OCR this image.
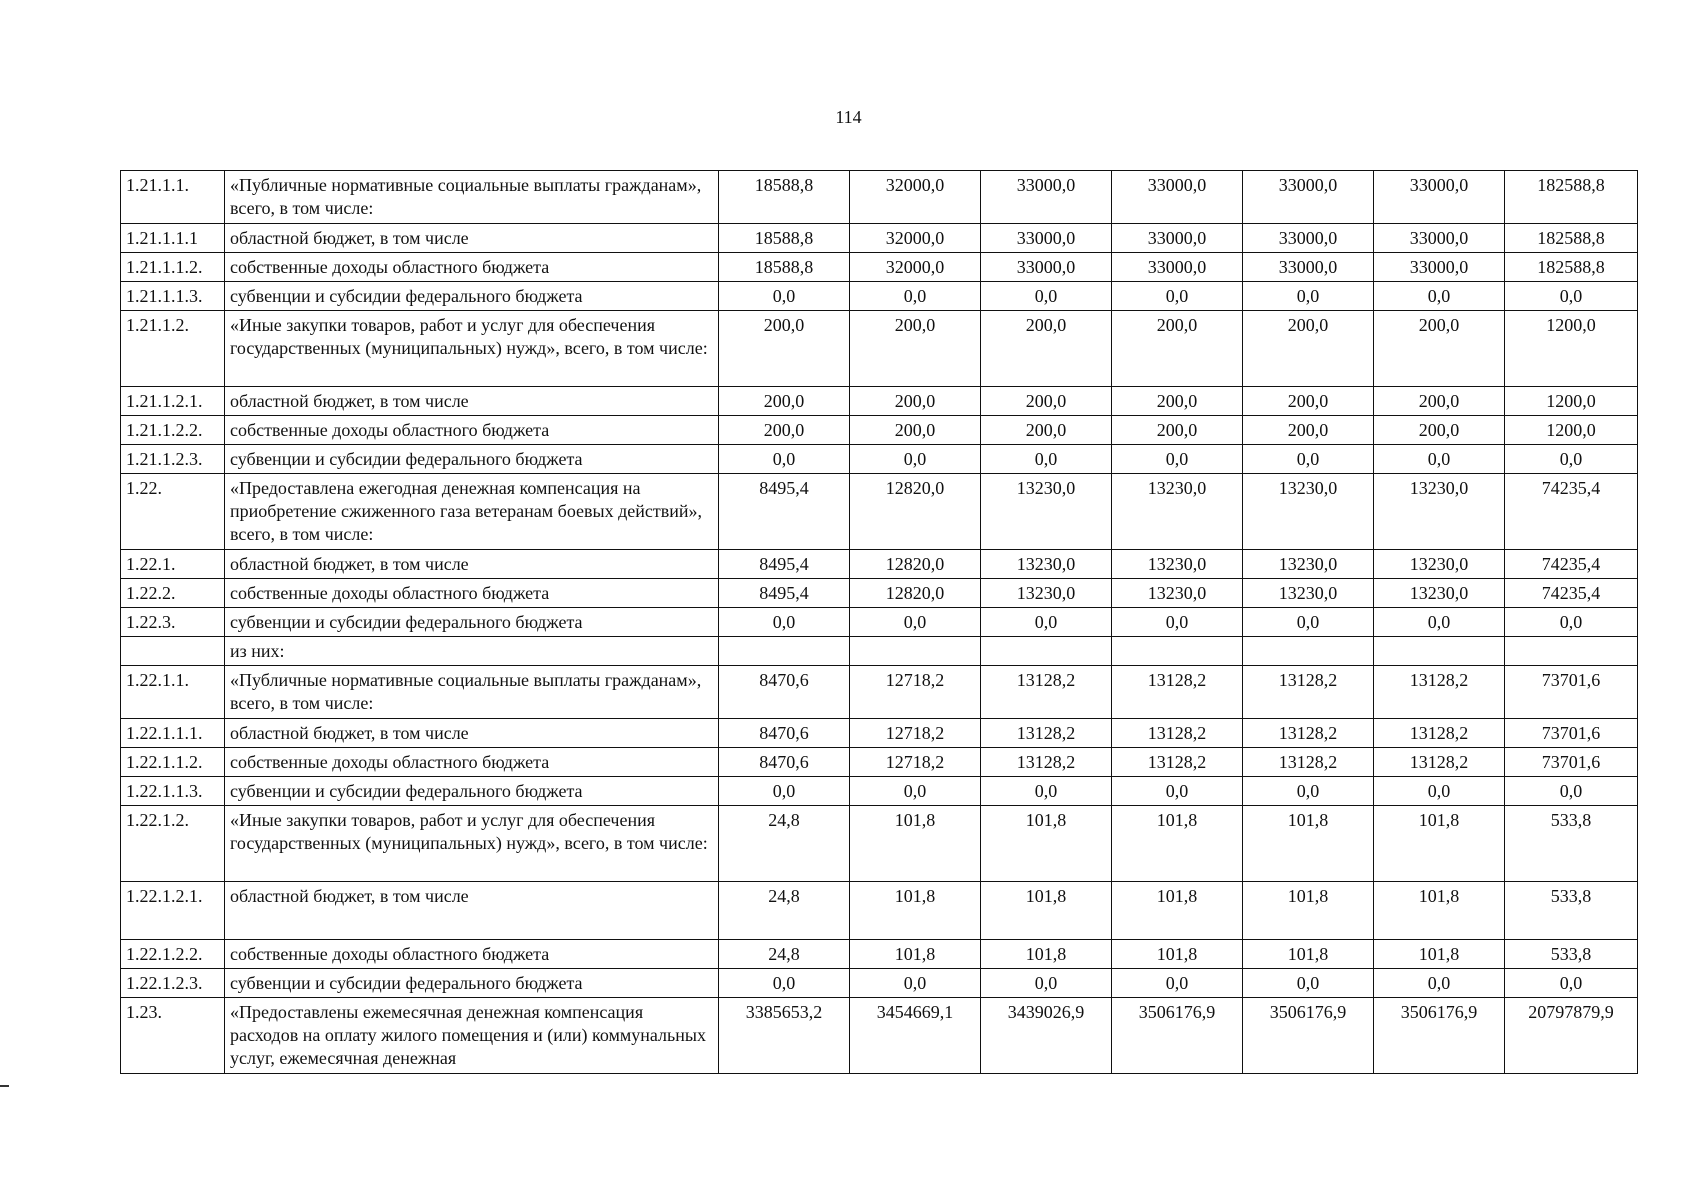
114
1.21.1.1.	«Публичные нормативные социальные выплаты гражданам», всего, в том числе:	18588,8	32000,0	33000,0	33000,0	33000,0	33000,0	182588,8
1.21.1.1.1	областной бюджет, в том числе	18588,8	32000,0	33000,0	33000,0	33000,0	33000,0	182588,8
1.21.1.1.2.	собственные доходы областного бюджета	18588,8	32000,0	33000,0	33000,0	33000,0	33000,0	182588,8
1.21.1.1.3.	субвенции и субсидии федерального бюджета	0,0	0,0	0,0	0,0	0,0	0,0	0,0
1.21.1.2.	«Иные закупки товаров, работ и услуг для обеспечения государственных (муниципальных) нужд», всего, в том числе:	200,0	200,0	200,0	200,0	200,0	200,0	1200,0
1.21.1.2.1.	областной бюджет, в том числе	200,0	200,0	200,0	200,0	200,0	200,0	1200,0
1.21.1.2.2.	собственные доходы областного бюджета	200,0	200,0	200,0	200,0	200,0	200,0	1200,0
1.21.1.2.3.	субвенции и субсидии федерального бюджета	0,0	0,0	0,0	0,0	0,0	0,0	0,0
1.22.	«Предоставлена ежегодная денежная компенсация на приобретение сжиженного газа ветеранам боевых действий», всего, в том числе:	8495,4	12820,0	13230,0	13230,0	13230,0	13230,0	74235,4
1.22.1.	областной бюджет, в том числе	8495,4	12820,0	13230,0	13230,0	13230,0	13230,0	74235,4
1.22.2.	собственные доходы областного бюджета	8495,4	12820,0	13230,0	13230,0	13230,0	13230,0	74235,4
1.22.3.	субвенции и субсидии федерального бюджета	0,0	0,0	0,0	0,0	0,0	0,0	0,0
	из них:							
1.22.1.1.	«Публичные нормативные социальные выплаты гражданам», всего, в том числе:	8470,6	12718,2	13128,2	13128,2	13128,2	13128,2	73701,6
1.22.1.1.1.	областной бюджет, в том числе	8470,6	12718,2	13128,2	13128,2	13128,2	13128,2	73701,6
1.22.1.1.2.	собственные доходы областного бюджета	8470,6	12718,2	13128,2	13128,2	13128,2	13128,2	73701,6
1.22.1.1.3.	субвенции и субсидии федерального бюджета	0,0	0,0	0,0	0,0	0,0	0,0	0,0
1.22.1.2.	«Иные закупки товаров, работ и услуг для обеспечения государственных (муниципальных) нужд», всего, в том числе:	24,8	101,8	101,8	101,8	101,8	101,8	533,8
1.22.1.2.1.	областной бюджет, в том числе	24,8	101,8	101,8	101,8	101,8	101,8	533,8
1.22.1.2.2.	собственные доходы областного бюджета	24,8	101,8	101,8	101,8	101,8	101,8	533,8
1.22.1.2.3.	субвенции и субсидии федерального бюджета	0,0	0,0	0,0	0,0	0,0	0,0	0,0
1.23.	«Предоставлены ежемесячная денежная компенсация расходов на оплату жилого помещения и (или) коммунальных услуг, ежемесячная денежная	3385653,2	3454669,1	3439026,9	3506176,9	3506176,9	3506176,9	20797879,9
